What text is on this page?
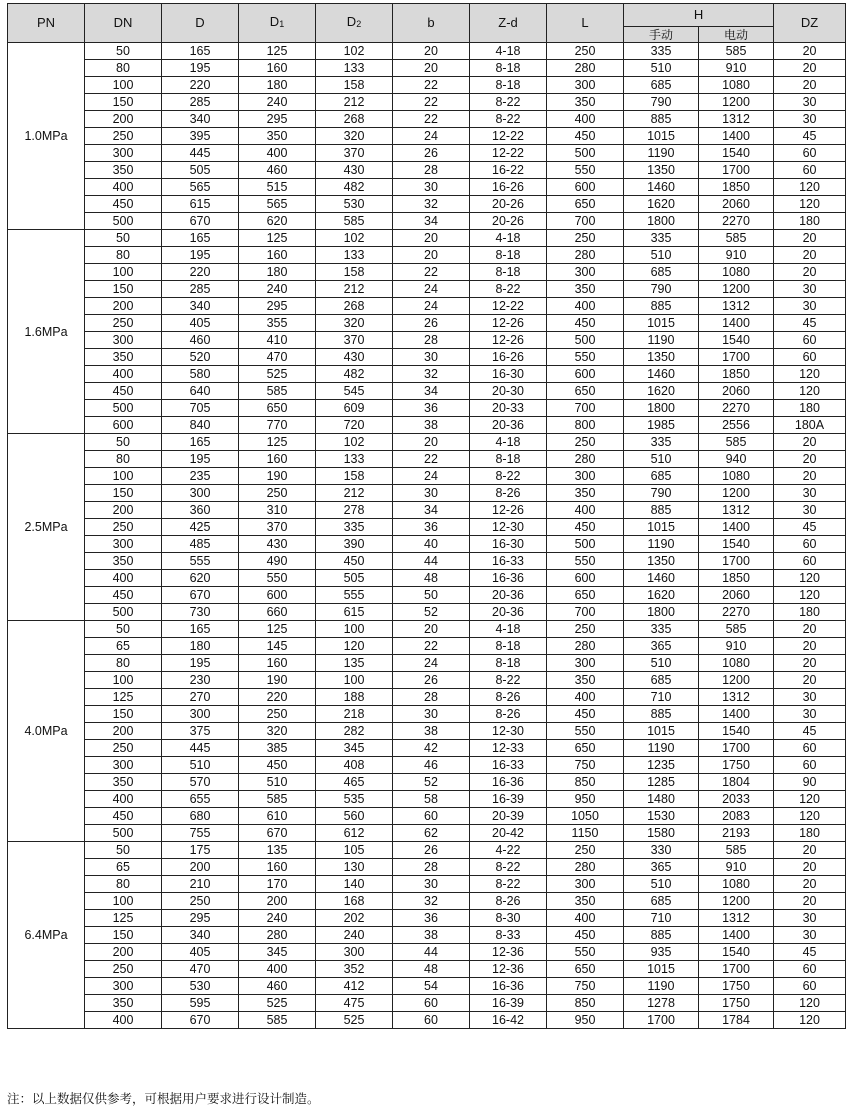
PN	DN	D	$D_1$	$D_2$	b	Z-d	L	H		DZ
								手动	电动	
1.0MPa	50	165	125	102	20	4-18	250	335	585	20
	80	195	160	133	20	8-18	280	510	910	20
	100	220	180	158	22	8-18	300	685	1080	20
	150	285	240	212	22	8-22	350	790	1200	30
	200	340	295	268	22	8-22	400	885	1312	30
	250	395	350	320	24	12-22	450	1015	1400	45
	300	445	400	370	26	12-22	500	1190	1540	60
	350	505	460	430	28	16-22	550	1350	1700	60
	400	565	515	482	30	16-26	600	1460	1850	120
	450	615	565	530	32	20-26	650	1620	2060	120
	500	670	620	585	34	20-26	700	1800	2270	180
1.6MPa	50	165	125	102	20	4-18	250	335	585	20
	80	195	160	133	20	8-18	280	510	910	20
	100	220	180	158	22	8-18	300	685	1080	20
	150	285	240	212	24	8-22	350	790	1200	30
	200	340	295	268	24	12-22	400	885	1312	30
	250	405	355	320	26	12-26	450	1015	1400	45
	300	460	410	370	28	12-26	500	1190	1540	60
	350	520	470	430	30	16-26	550	1350	1700	60
	400	580	525	482	32	16-30	600	1460	1850	120
	450	640	585	545	34	20-30	650	1620	2060	120
	500	705	650	609	36	20-33	700	1800	2270	180
	600	840	770	720	38	20-36	800	1985	2556	180A
2.5MPa	50	165	125	102	20	4-18	250	335	585	20
	80	195	160	133	22	8-18	280	510	940	20
	100	235	190	158	24	8-22	300	685	1080	20
	150	300	250	212	30	8-26	350	790	1200	30
	200	360	310	278	34	12-26	400	885	1312	30
	250	425	370	335	36	12-30	450	1015	1400	45
	300	485	430	390	40	16-30	500	1190	1540	60
	350	555	490	450	44	16-33	550	1350	1700	60
	400	620	550	505	48	16-36	600	1460	1850	120
	450	670	600	555	50	20-36	650	1620	2060	120
	500	730	660	615	52	20-36	700	1800	2270	180
4.0MPa	50	165	125	100	20	4-18	250	335	585	20
	65	180	145	120	22	8-18	280	365	910	20
	80	195	160	135	24	8-18	300	510	1080	20
	100	230	190	100	26	8-22	350	685	1200	20
	125	270	220	188	28	8-26	400	710	1312	30
	150	300	250	218	30	8-26	450	885	1400	30
	200	375	320	282	38	12-30	550	1015	1540	45
	250	445	385	345	42	12-33	650	1190	1700	60
	300	510	450	408	46	16-33	750	1235	1750	60
	350	570	510	465	52	16-36	850	1285	1804	90
	400	655	585	535	58	16-39	950	1480	2033	120
	450	680	610	560	60	20-39	1050	1530	2083	120
	500	755	670	612	62	20-42	1150	1580	2193	180
6.4MPa	50	175	135	105	26	4-22	250	330	585	20
	65	200	160	130	28	8-22	280	365	910	20
	80	210	170	140	30	8-22	300	510	1080	20
	100	250	200	168	32	8-26	350	685	1200	20
	125	295	240	202	36	8-30	400	710	1312	30
	150	340	280	240	38	8-33	450	885	1400	30
	200	405	345	300	44	12-36	550	935	1540	45
	250	470	400	352	48	12-36	650	1015	1700	60
	300	530	460	412	54	16-36	750	1190	1750	60
	350	595	525	475	60	16-39	850	1278	1750	120
	400	670	585	525	60	16-42	950	1700	1784	120
注：以上数据仅供参考，可根据用户要求进行设计制造。
